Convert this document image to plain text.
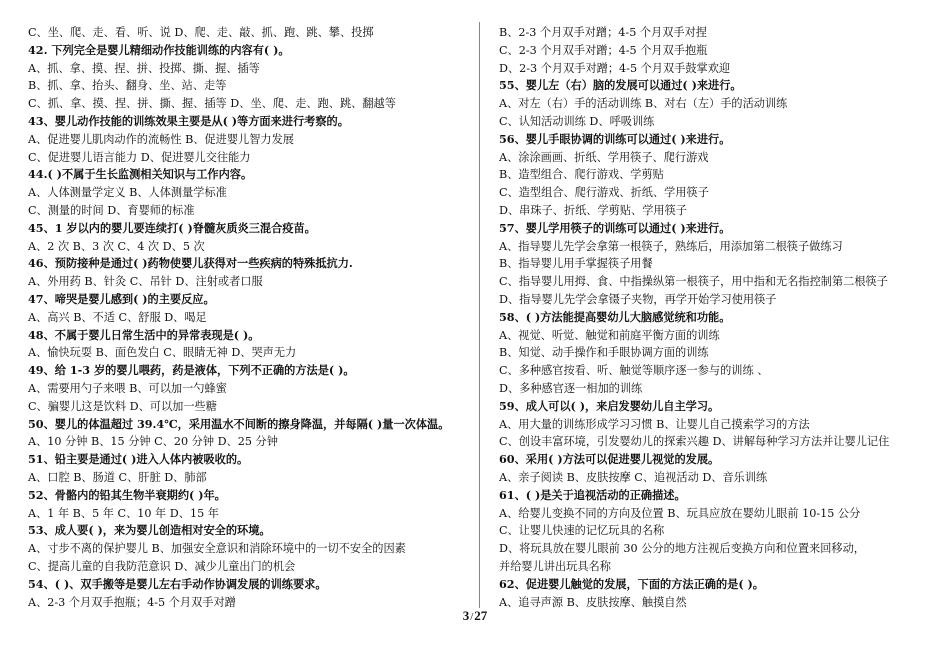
C、坐、爬、走、看、听、说 D、爬、走、敲、抓、跑、跳、攀、投掷
42. 下列完全是婴儿精细动作技能训练的内容有( )。
A、抓、拿、摸、捏、拼、投掷、撕、握、插等
B、抓、拿、抬头、翻身、坐、站、走等
C、抓、拿、摸、捏、拼、撕、握、插等 D、坐、爬、走、跑、跳、翻越等
43、婴儿动作技能的训练效果主要是从( )等方面来进行考察的。
A、促进婴儿肌肉动作的流畅性 B、促进婴儿智力发展
C、促进婴儿语言能力 D、促进婴儿交往能力
44.( )不属于生长监测相关知识与工作内容。
A、人体测量学定义 B、人体测量学标准
C、测量的时间 D、育婴师的标准
45、1 岁以内的婴儿要连续打( )脊髓灰质炎三混合疫苗。
A、2 次 B、3 次 C、4 次 D、5 次
46、预防接种是通过( )药物使婴儿获得对一些疾病的特殊抵抗力.
A、外用药 B、针灸 C、吊针 D、注射或者口服
47、啼哭是婴儿感到( )的主要反应。
A、高兴 B、不适 C、舒服 D、喝足
48、不属于婴儿日常生活中的异常表现是( )。
A、愉快玩耍 B、面色发白 C、眼睛无神 D、哭声无力
49、给 1-3 岁的婴儿喂药，药是液体，下列不正确的方法是( )。
A、需要用勺子来喂 B、可以加一勺蜂蜜
C、骗婴儿这是饮料 D、可以加一些糖
50、婴儿的体温超过 39.4℃，采用温水不间断的擦身降温，并每隔( )量一次体温。
A、10 分钟 B、15 分钟 C、20 分钟 D、25 分钟
51、铅主要是通过( )进入人体内被吸收的。
A、口腔 B、肠道 C、肝脏 D、肺部
52、骨骼内的铅其生物半衰期约( )年。
A、1 年 B、5 年 C、10 年 D、15 年
53、成人要( )，来为婴儿创造相对安全的环境。
A、寸步不离的保护婴儿 B、加强安全意识和消除环境中的一切不安全的因素
C、提高儿童的自我防范意识 D、减少儿童出门的机会
54、( )、双手搬等是婴儿左右手动作协调发展的训练要求。
A、2-3 个月双手抱瓶；4-5 个月双手对蹭
B、2-3 个月双手对蹭；4-5 个月双手对捏
C、2-3 个月双手对蹭；4-5 个月双手抱瓶
D、2-3 个月双手对蹭；4-5 个月双手鼓掌欢迎
55、婴儿左（右）脑的发展可以通过( )来进行。
A、对左（右）手的活动训练 B、对右（左）手的活动训练
C、认知活动训练 D、呼吸训练
56、婴儿手眼协调的训练可以通过( )来进行。
A、涂涂画画、折纸、学用筷子、爬行游戏
B、造型组合、爬行游戏、学剪贴
C、造型组合、爬行游戏、折纸、学用筷子
D、串珠子、折纸、学剪贴、学用筷子
57、婴儿学用筷子的训练可以通过( )来进行。
A、指导婴儿先学会拿第一根筷子，熟练后，用添加第二根筷子做练习
B、指导婴儿用手掌握筷子用餐
C、指导婴儿用拇、食、中指操纵第一根筷子，用中指和无名指控制第二根筷子
D、指导婴儿先学会拿镊子夹物，再学开始学习使用筷子
58、( )方法能提高婴幼儿大脑感觉统和功能。
A、视觉、听觉、触觉和前庭平衡方面的训练
B、知觉、动手操作和手眼协调方面的训练
C、多种感官按看、听、触觉等顺序逐一参与的训练 、
D、多种感官逐一相加的训练
59、成人可以( )，来启发婴幼儿自主学习。
A、用大量的训练形成学习习惯 B、让婴儿自己摸索学习的方法
C、创设丰富环境，引发婴幼儿的探索兴趣 D、讲解每种学习方法并让婴儿记住
60、采用( )方法可以促进婴儿视觉的发展。
A、亲子阅读 B、皮肤按摩 C、追视活动 D、音乐训练
61、( )是关于追视活动的正确描述。
A、给婴儿变换不同的方向及位置 B、玩具应放在婴幼儿眼前 10-15 公分
C、让婴儿快速的记忆玩具的名称
D、将玩具放在婴儿眼前 30 公分的地方注视后变换方向和位置来回移动，
并给婴儿讲出玩具名称
62、促进婴儿触觉的发展，下面的方法正确的是( )。
A、追寻声源 B、皮肤按摩、触摸自然
3/27
